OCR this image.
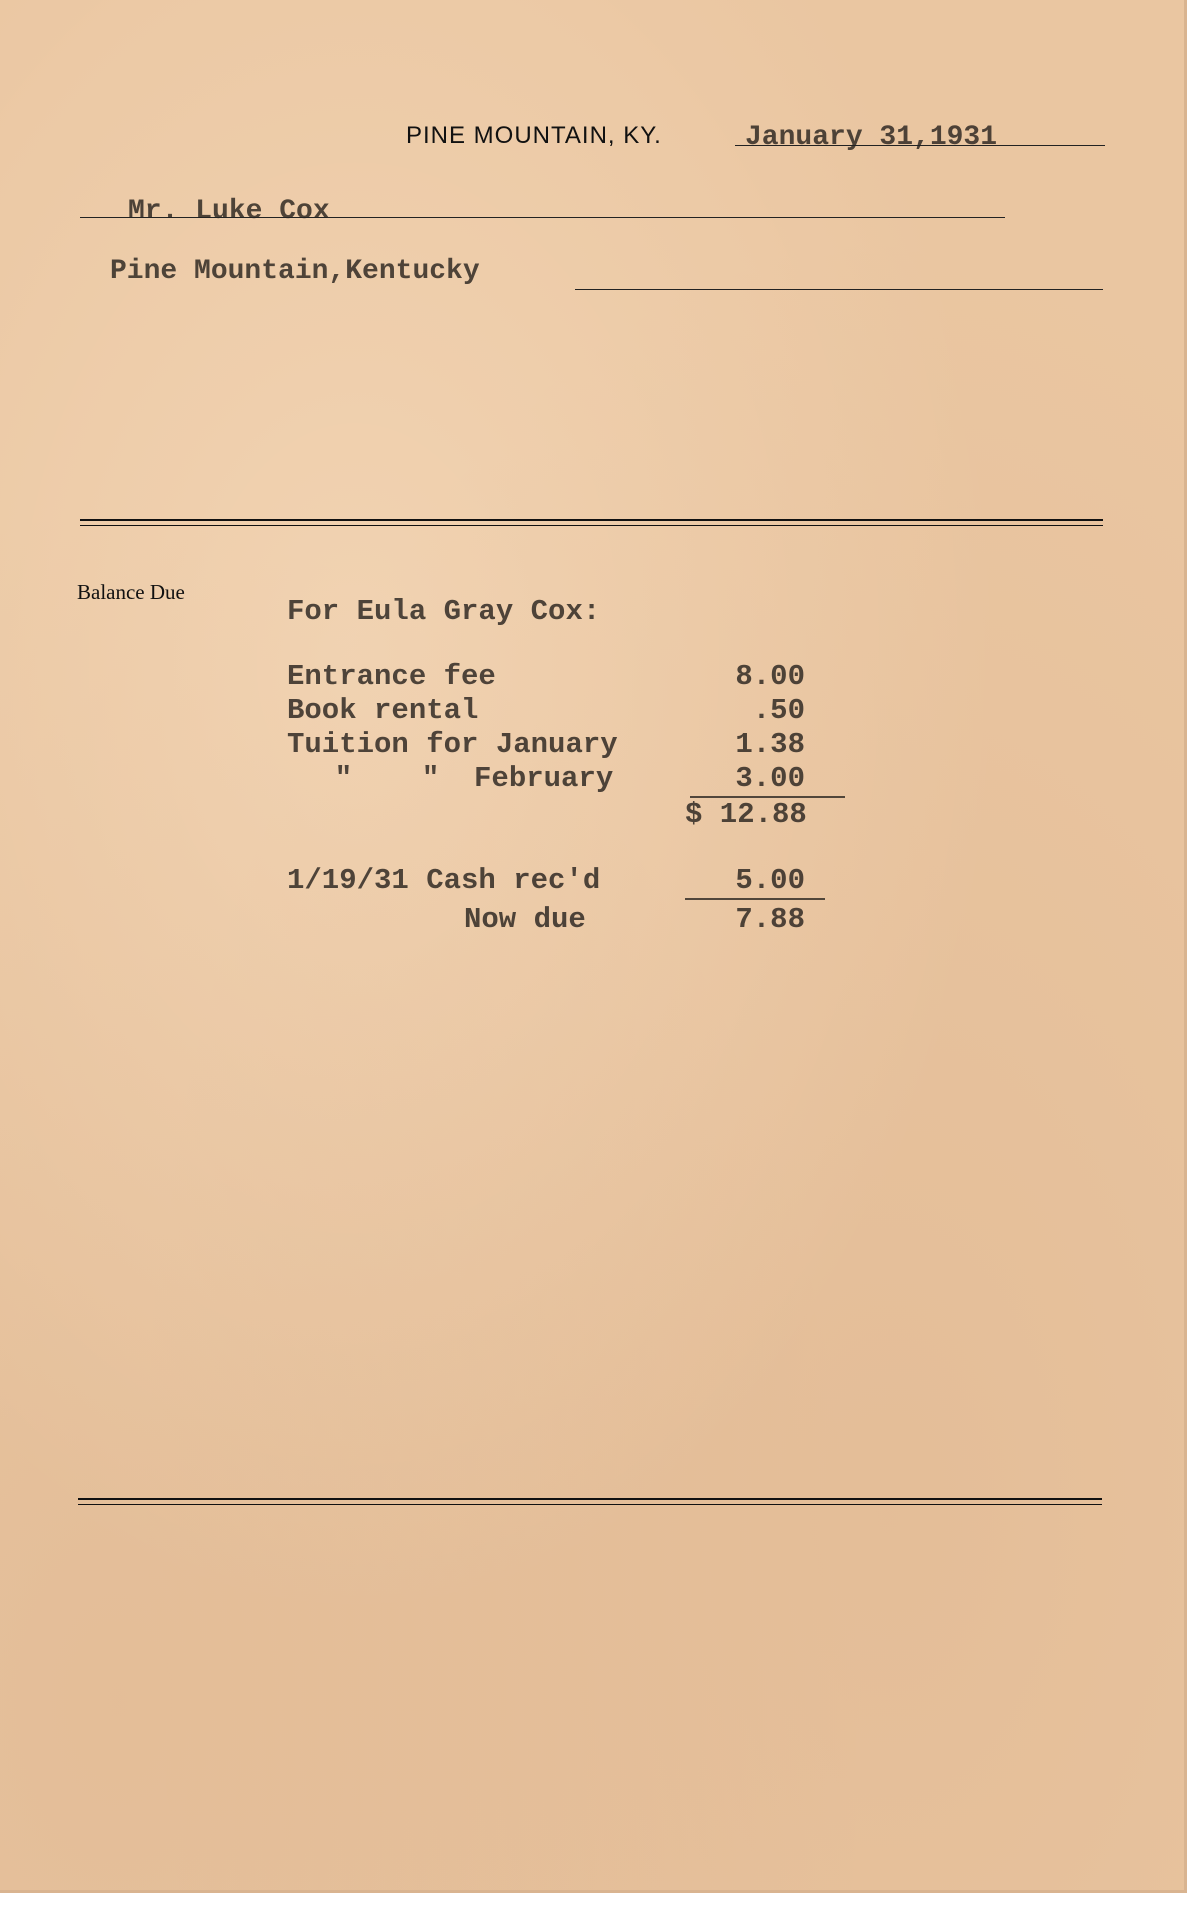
PINE MOUNTAIN, KY.	January 31,1931
Mr. Luke Cox
Pine Mountain,Kentucky
Balance Due
For Eula Gray Cox:
Entrance fee	8.00
Book rental	.50
Tuition for January	1.38
"    "  February	3.00
$ 12.88
1/19/31 Cash rec'd	5.00
Now due	7.88
